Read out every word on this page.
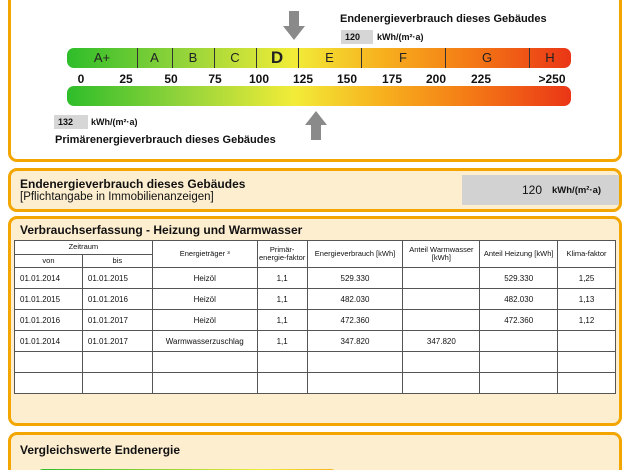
Endenergieverbrauch dieses Gebäudes
120	kWh/(m²·a)
A+	A	B	C	D	E	F	G	H
0	25	50	75 100 125 150 175 200 225	>250
132	kWh/(m²·a)
Primärenergieverbrauch dieses Gebäudes
Endenergieverbrauch dieses Gebäudes
[Pflichtangabe in Immobilienanzeigen]	120 kWh/(m²·a)
Verbrauchserfassung - Heizung und Warmwasser
Zeitraum		Energieträger ³	Primär-energie-faktor	Energieverbrauch [kWh]	Anteil Warmwasser [kWh]	Anteil Heizung [kWh]	Klima-faktor
von	bis						
01.01.2014	01.01.2015	Heizöl	1,1	529.330		529.330	1,25
01.01.2015	01.01.2016	Heizöl	1,1	482.030		482.030	1,13
01.01.2016	01.01.2017	Heizöl	1,1	472.360		472.360	1,12
01.01.2014	01.01.2017	Warmwasserzuschlag	1,1	347.820	347.820		

Vergleichswerte Endenergie
